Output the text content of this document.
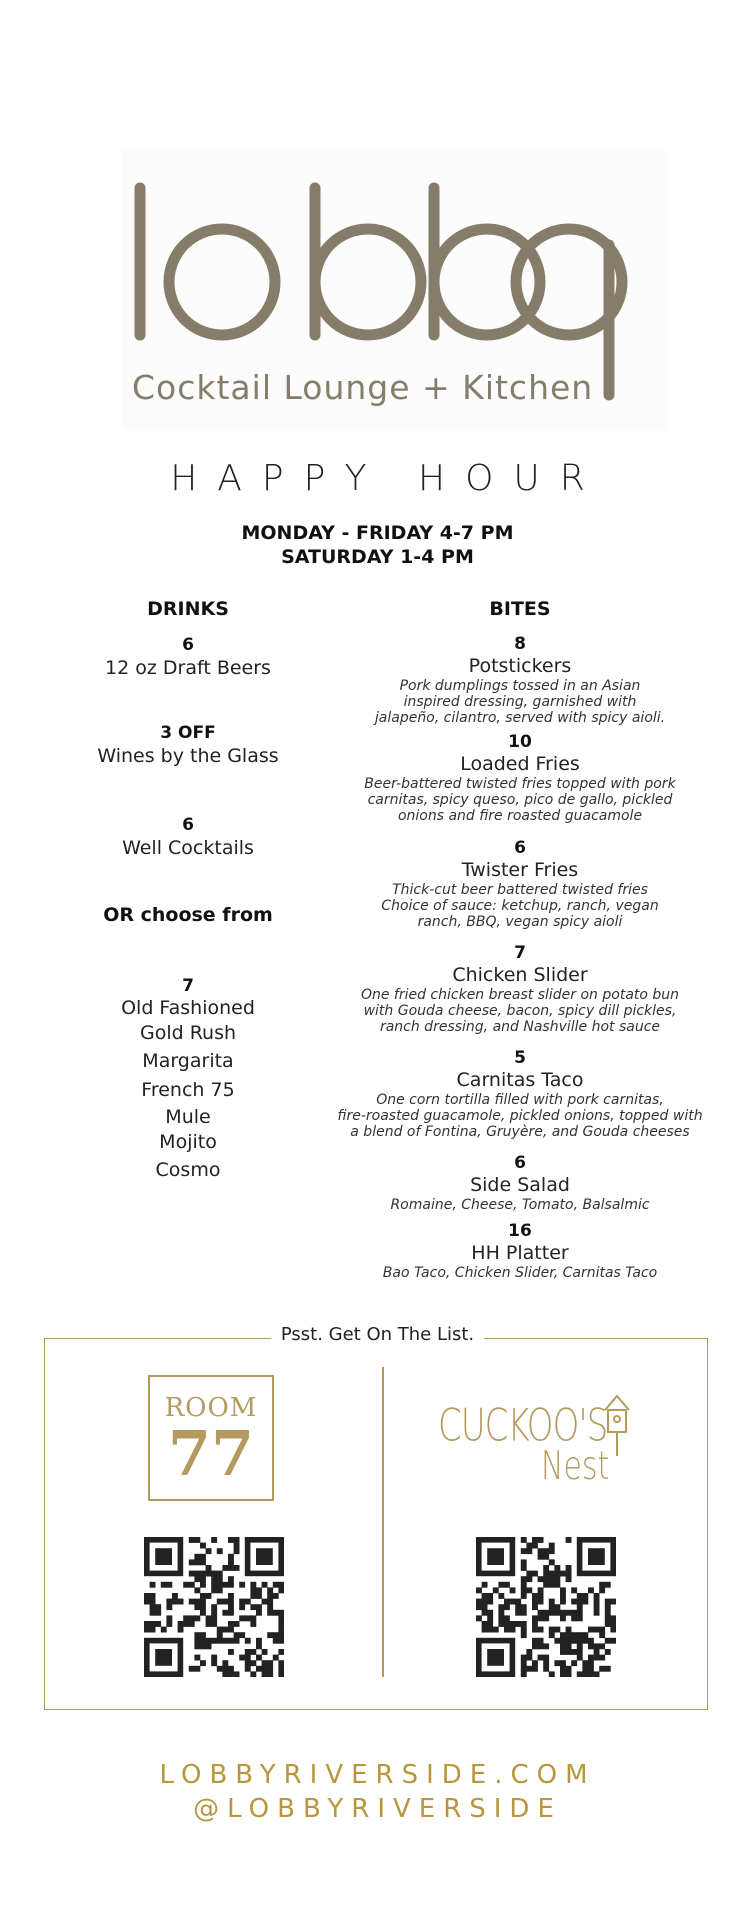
Cocktail Lounge + Kitchen
HAPPY HOUR
MONDAY - FRIDAY 4-7 PM
SATURDAY 1-4 PM
DRINKS	BITES
6
12 oz Draft Beers
3 OFF
Wines by the Glass
6
Well Cocktails
OR choose from
7
Old Fashioned
Gold Rush
Margarita
French 75
Mule
Mojito
Cosmo
8
Potstickers
Pork dumplings tossed in an Asian
inspired dressing, garnished with
jalapeño, cilantro, served with spicy aioli.
10
Loaded Fries
Beer-battered twisted fries topped with pork
carnitas, spicy queso, pico de gallo, pickled
onions and fire roasted guacamole
6
Twister Fries
Thick-cut beer battered twisted fries
Choice of sauce: ketchup, ranch, vegan
ranch, BBQ, vegan spicy aioli
7
Chicken Slider
One fried chicken breast slider on potato bun
with Gouda cheese, bacon, spicy dill pickles,
ranch dressing, and Nashville hot sauce
5
Carnitas Taco
One corn tortilla filled with pork carnitas,
fire-roasted guacamole, pickled onions, topped with
a blend of Fontina, Gruyère, and Gouda cheeses
6
Side Salad
Romaine, Cheese, Tomato, Balsalmic
16
HH Platter
Bao Taco, Chicken Slider, Carnitas Taco
Psst. Get On The List.
ROOM
77	CUCKOO'S
Nest
LOBBYRIVERSIDE.COM
@LOBBYRIVERSIDE
